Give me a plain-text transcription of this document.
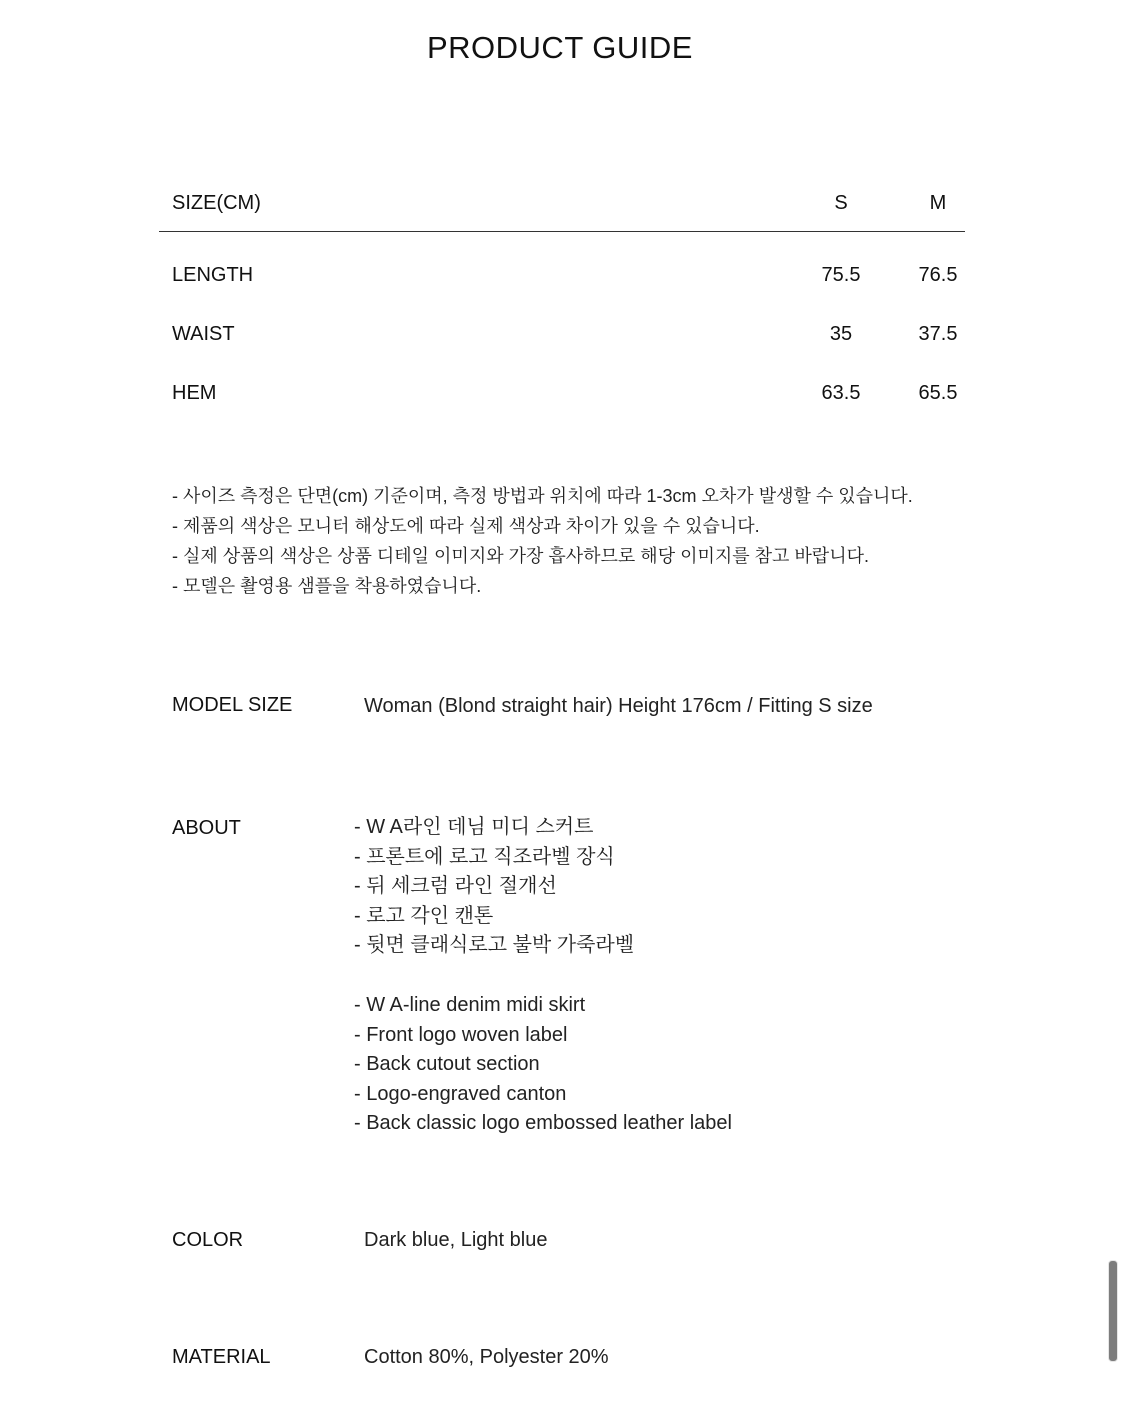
PRODUCT GUIDE
SIZE(CM)	S	M
LENGTH	75.5	76.5
WAIST	35	37.5
HEM	63.5	65.5
- 사이즈 측정은 단면(cm) 기준이며, 측정 방법과 위치에 따라 1-3cm 오차가 발생할 수 있습니다.
- 제품의 색상은 모니터 해상도에 따라 실제 색상과 차이가 있을 수 있습니다.
- 실제 상품의 색상은 상품 디테일 이미지와 가장 흡사하므로 해당 이미지를 참고 바랍니다.
- 모델은 촬영용 샘플을 착용하였습니다.
MODEL SIZE	Woman (Blond straight hair) Height 176cm / Fitting S size
ABOUT	- W A라인 데님 미디 스커트
- 프론트에 로고 직조라벨 장식
- 뒤 세크럼 라인 절개선
- 로고 각인 캔톤
- 뒷면 클래식로고 불박 가죽라벨
- W A-line denim midi skirt
- Front logo woven label
- Back cutout section
- Logo-engraved canton
- Back classic logo embossed leather label
COLOR	Dark blue, Light blue
MATERIAL	Cotton 80%, Polyester 20%
